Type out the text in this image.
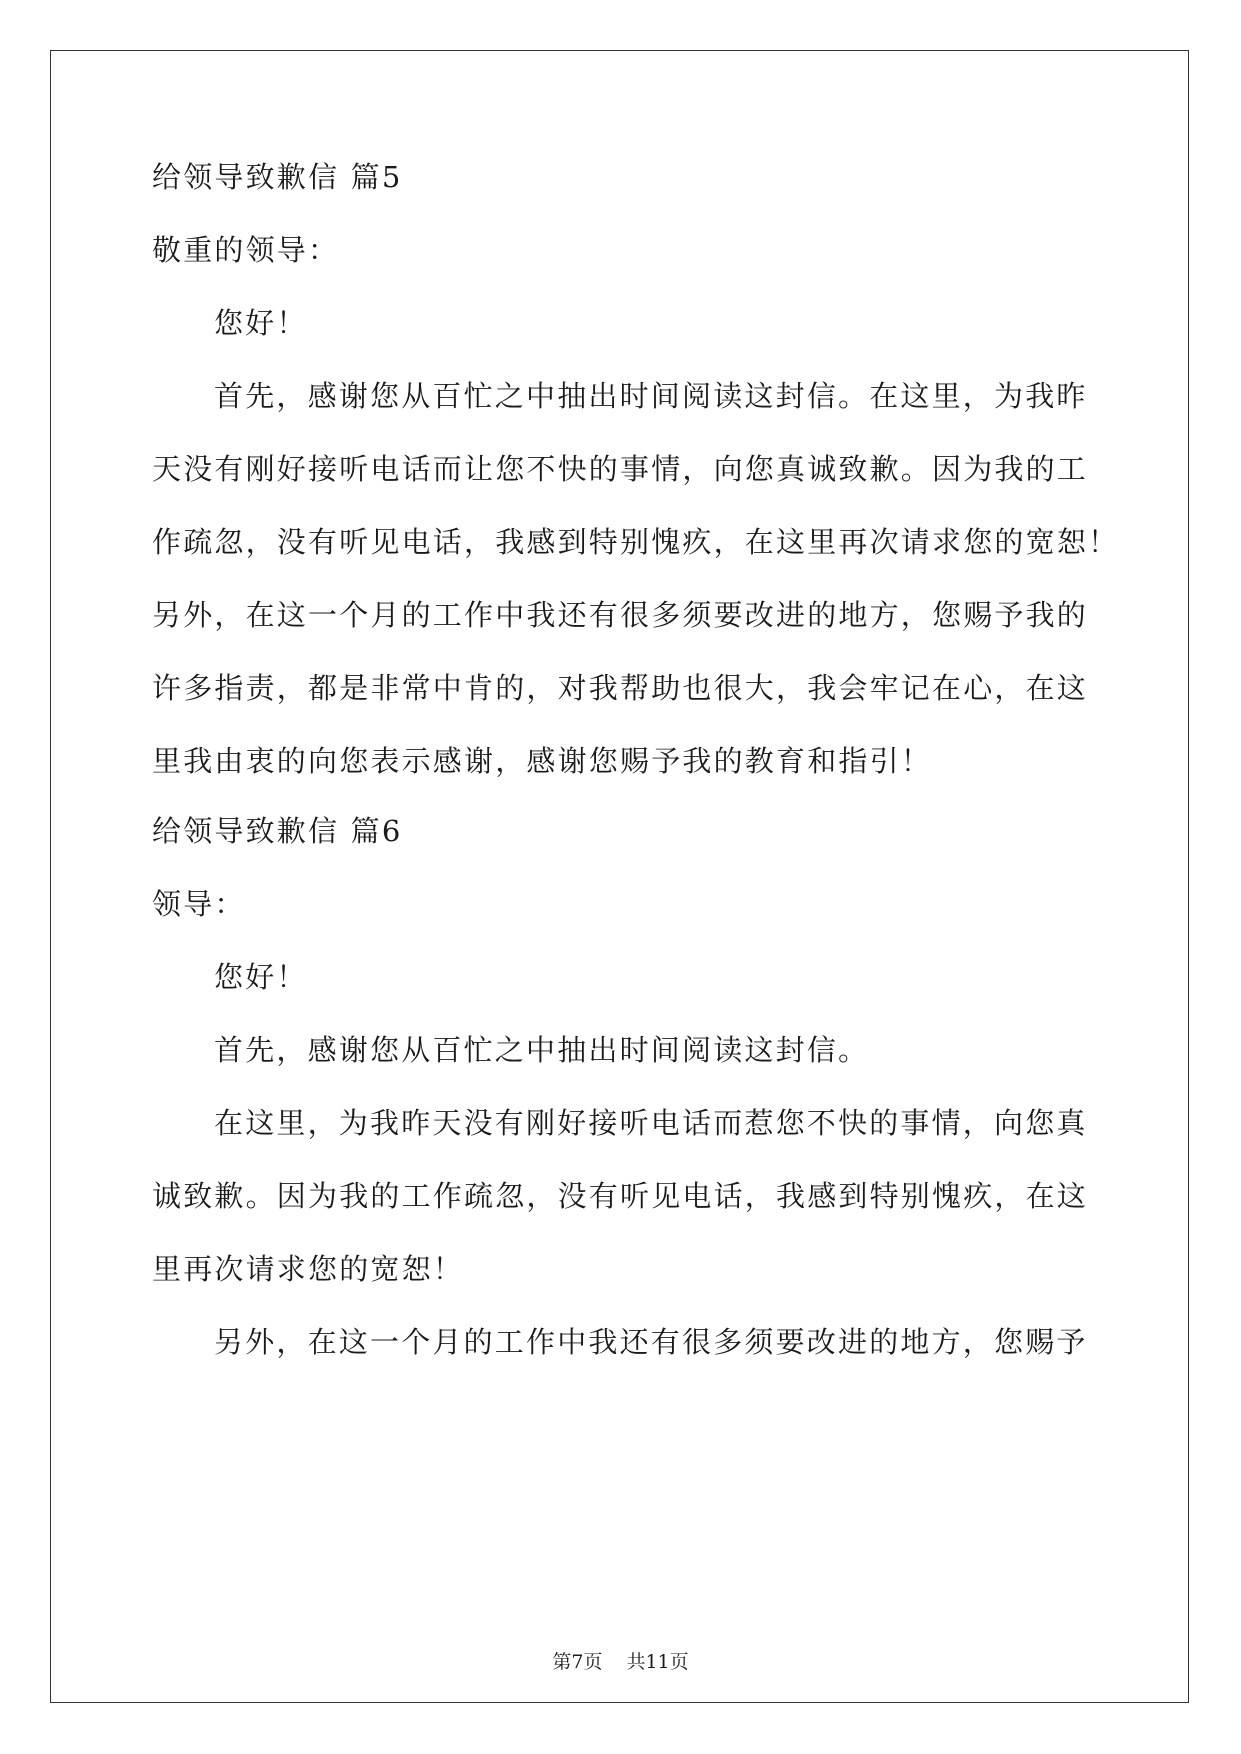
给领导致歉信 篇5
敬重的领导：
您好！
首先，感谢您从百忙之中抽出时间阅读这封信。在这里，为我昨
天没有刚好接听电话而让您不快的事情，向您真诚致歉。因为我的工
作疏忽，没有听见电话，我感到特别愧疚，在这里再次请求您的宽恕！
另外，在这一个月的工作中我还有很多须要改进的地方，您赐予我的
许多指责，都是非常中肯的，对我帮助也很大，我会牢记在心，在这
里我由衷的向您表示感谢，感谢您赐予我的教育和指引！
给领导致歉信 篇6
领导：
您好！
首先，感谢您从百忙之中抽出时间阅读这封信。
在这里，为我昨天没有刚好接听电话而惹您不快的事情，向您真
诚致歉。因为我的工作疏忽，没有听见电话，我感到特别愧疚，在这
里再次请求您的宽恕！
另外，在这一个月的工作中我还有很多须要改进的地方，您赐予
第7页 共11页
